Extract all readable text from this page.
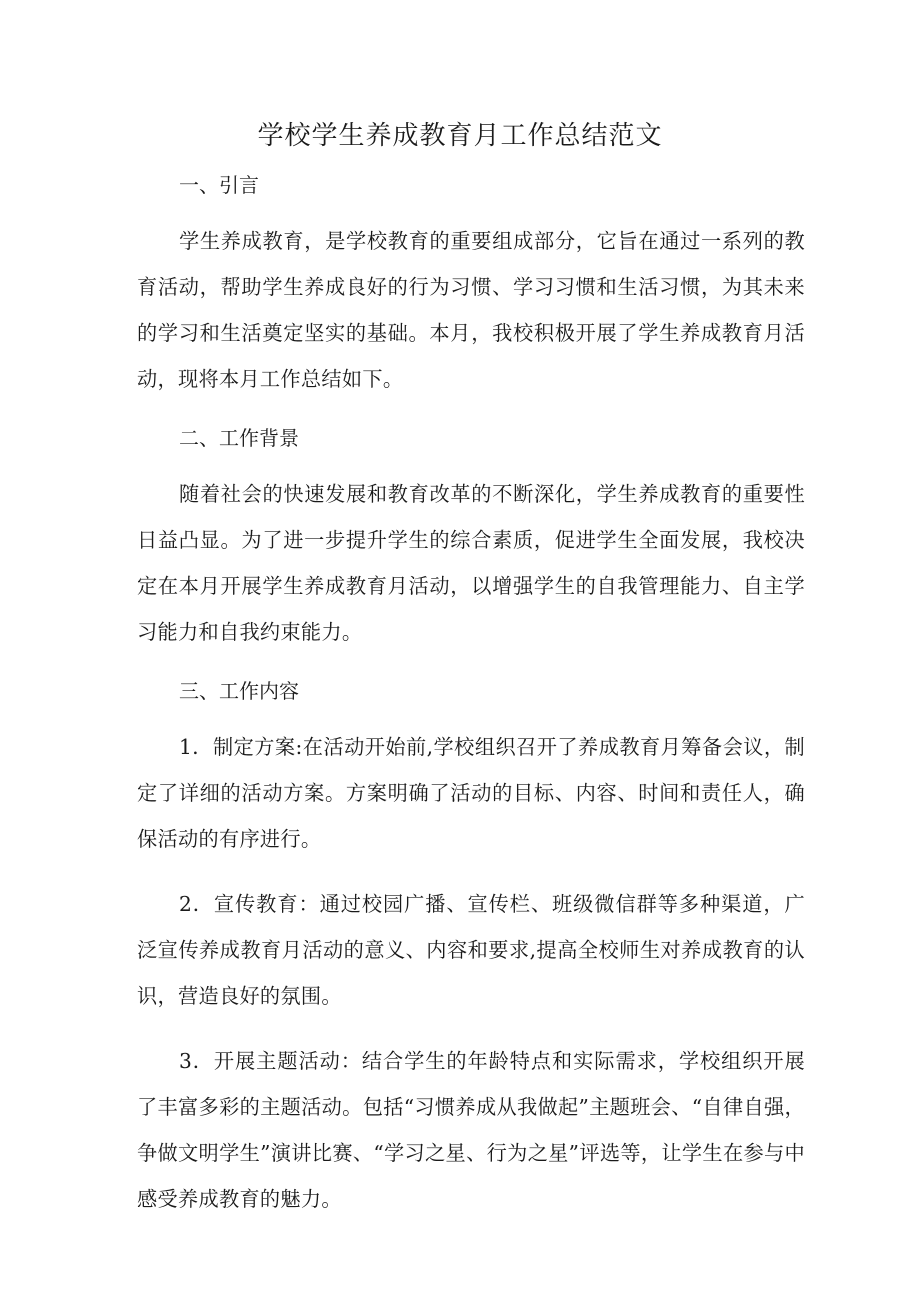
学校学生养成教育月工作总结范文
一、引言

学生养成教育，是学校教育的重要组成部分，它旨在通过一系列的教育活动，帮助学生养成良好的行为习惯、学习习惯和生活习惯，为其未来的学习和生活奠定坚实的基础。本月，我校积极开展了学生养成教育月活动，现将本月工作总结如下。

二、工作背景

随着社会的快速发展和教育改革的不断深化，学生养成教育的重要性日益凸显。为了进一步提升学生的综合素质，促进学生全面发展，我校决定在本月开展学生养成教育月活动，以增强学生的自我管理能力、自主学习能力和自我约束能力。

三、工作内容

1．制定方案:在活动开始前,学校组织召开了养成教育月筹备会议，制定了详细的活动方案。方案明确了活动的目标、内容、时间和责任人，确保活动的有序进行。

2．宣传教育：通过校园广播、宣传栏、班级微信群等多种渠道，广泛宣传养成教育月活动的意义、内容和要求,提高全校师生对养成教育的认识，营造良好的氛围。

3．开展主题活动：结合学生的年龄特点和实际需求，学校组织开展了丰富多彩的主题活动。包括“习惯养成从我做起”主题班会、“自律自强，争做文明学生”演讲比赛、“学习之星、行为之星”评选等，让学生在参与中感受养成教育的魅力。
